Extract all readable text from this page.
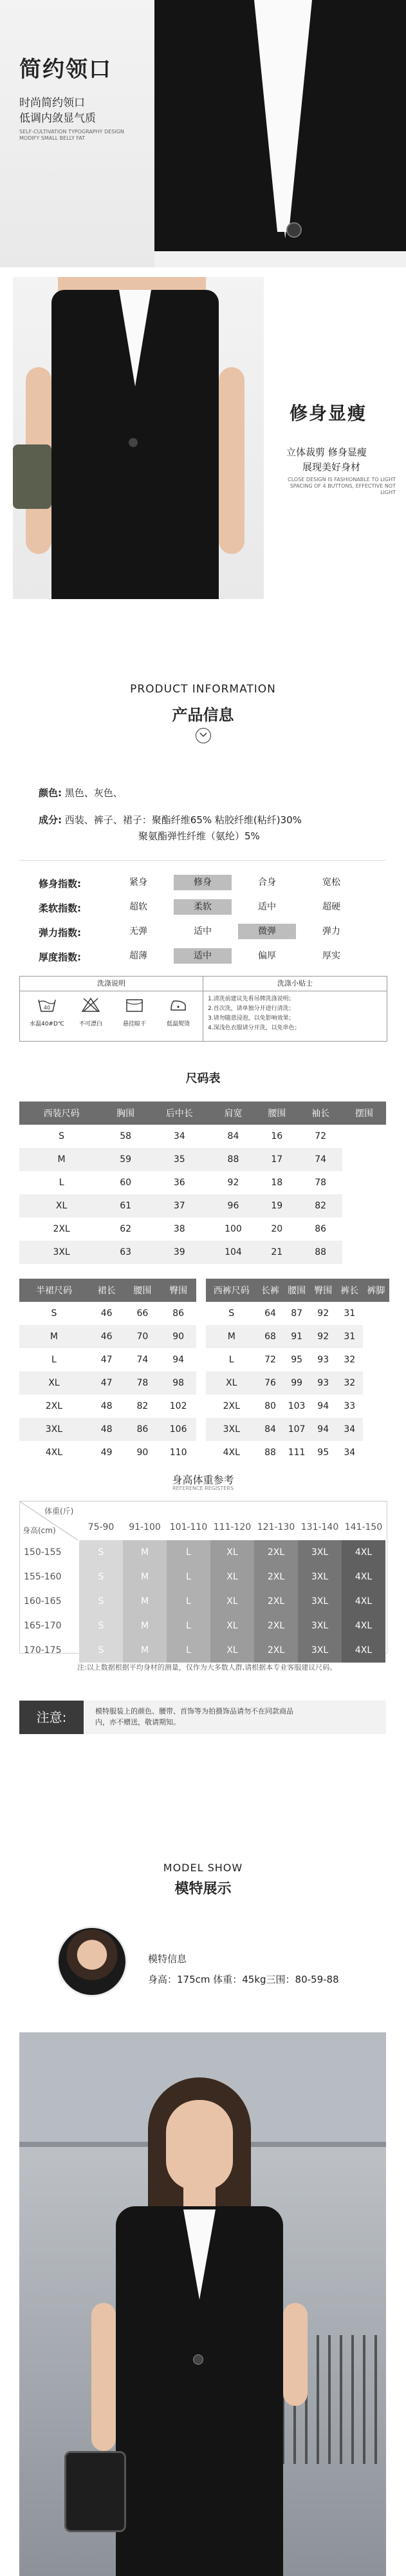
简约领口
时尚简约领口
低调内敛显气质
SELF-CULTIVATION TYPOGRAPHY DESIGN MODIFY SMALL BELLY FAT
修身显瘦
立体裁剪 修身显瘦
展现美好身材
CLOSE DESIGN IS FASHIONABLE TO LIGHT SPACING OF 4 BUTTONS, EFFECTIVE NOT LIGHT
PRODUCT INFORMATION
产品信息
颜色: 黑色、灰色、
成分: 西装、裤子、裙子：聚酯纤维65% 粘胶纤维(粘纤)30%
聚氨酯弹性纤维（氨纶）5%
修身指数:	紧身	修身	合身	宽松
柔软指数:	超软	柔软	适中	超硬
弹力指数:	无弹	适中	微弹	弹力
厚度指数:	超薄	适中	偏厚	厚实
洗涤说明	洗涤小贴士
40
水温40#D℃	不可漂白	悬挂晾干	低温熨烫
1.清洗前建议先看吊牌洗涤说明；
2.首次洗，请单独分开进行清洗；
3.请勿随意浸泡，以免影响效果；
4.深浅色衣服请分开洗，以免串色；
尺码表
西装尺码	胸围	后中长	肩宽	腰围	袖长	摆围
S	58	34	84	16	72	
M	59	35	88	17	74	
L	60	36	92	18	78	
XL	61	37	96	19	82	
2XL	62	38	100	20	86	
3XL	63	39	104	21	88	
半裙尺码	裙长	腰围	臀围
S	46	66	86
M	46	70	90
L	47	74	94
XL	47	78	98
2XL	48	82	102
3XL	48	86	106
4XL	49	90	110
西裤尺码	长裤	腰围	臀围	裤长	裤脚
S	64	87	92	31	
M	68	91	92	31	
L	72	95	93	32	
XL	76	99	93	32	
2XL	80	103	94	33	
3XL	84	107	94	34	
4XL	88	111	95	34	
身高体重参考
REFERENCE REGISTERS
体重(斤)
身高(cm)	75-90	91-100 101-110 111-120 121-130 131-140 141-150
150-155	S	M	L	XL	2XL	3XL	4XL
155-160	S	M	L	XL	2XL	3XL	4XL
160-165	S	M	L	XL	2XL	3XL	4XL
165-170	S	M	L	XL	2XL	3XL	4XL
170-175	S	M	L	XL	2XL	3XL	4XL
注:以上数据根据平均身材的测量，仅作为大多数人群,请根据本专业客服建议尺码。
注意:	模特服装上的颜色、腰带、首饰等为拍摄饰品请勿不在同款商品内，亦不赠送，敬请期知。
MODEL SHOW
模特展示
模特信息
身高：175cm 体重：45kg三围：80-59-88
